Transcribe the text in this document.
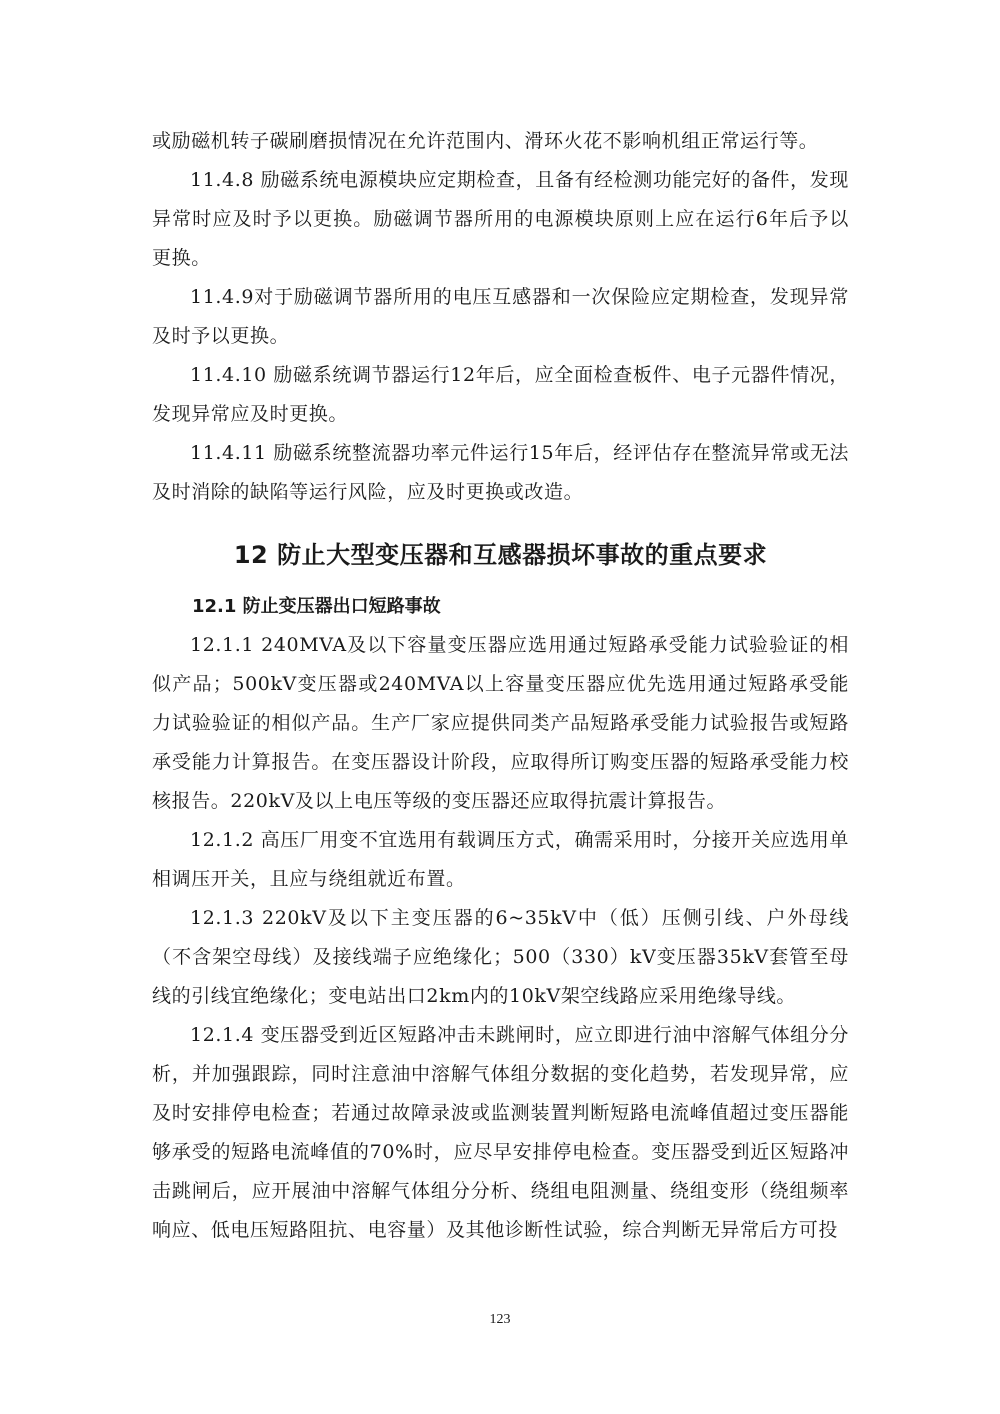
或励磁机转子碳刷磨损情况在允许范围内、滑环火花不影响机组正常运行等。

11.4.8 励磁系统电源模块应定期检查，且备有经检测功能完好的备件，发现异常时应及时予以更换。励磁调节器所用的电源模块原则上应在运行6年后予以更换。

11.4.9对于励磁调节器所用的电压互感器和一次保险应定期检查，发现异常及时予以更换。

11.4.10 励磁系统调节器运行12年后，应全面检查板件、电子元器件情况，发现异常应及时更换。

11.4.11 励磁系统整流器功率元件运行15年后，经评估存在整流异常或无法及时消除的缺陷等运行风险，应及时更换或改造。

12 防止大型变压器和互感器损坏事故的重点要求
12.1 防止变压器出口短路事故

12.1.1 240MVA及以下容量变压器应选用通过短路承受能力试验验证的相似产品；500kV变压器或240MVA以上容量变压器应优先选用通过短路承受能力试验验证的相似产品。生产厂家应提供同类产品短路承受能力试验报告或短路承受能力计算报告。在变压器设计阶段，应取得所订购变压器的短路承受能力校核报告。220kV及以上电压等级的变压器还应取得抗震计算报告。

12.1.2 高压厂用变不宜选用有载调压方式，确需采用时，分接开关应选用单相调压开关，且应与绕组就近布置。

12.1.3 220kV及以下主变压器的6~35kV中（低）压侧引线、户外母线（不含架空母线）及接线端子应绝缘化；500（330）kV变压器35kV套管至母线的引线宜绝缘化；变电站出口2km内的10kV架空线路应采用绝缘导线。

12.1.4 变压器受到近区短路冲击未跳闸时，应立即进行油中溶解气体组分分析，并加强跟踪，同时注意油中溶解气体组分数据的变化趋势，若发现异常，应及时安排停电检查；若通过故障录波或监测装置判断短路电流峰值超过变压器能够承受的短路电流峰值的70%时，应尽早安排停电检查。变压器受到近区短路冲击跳闸后，应开展油中溶解气体组分分析、绕组电阻测量、绕组变形（绕组频率响应、低电压短路阻抗、电容量）及其他诊断性试验，综合判断无异常后方可投

123
